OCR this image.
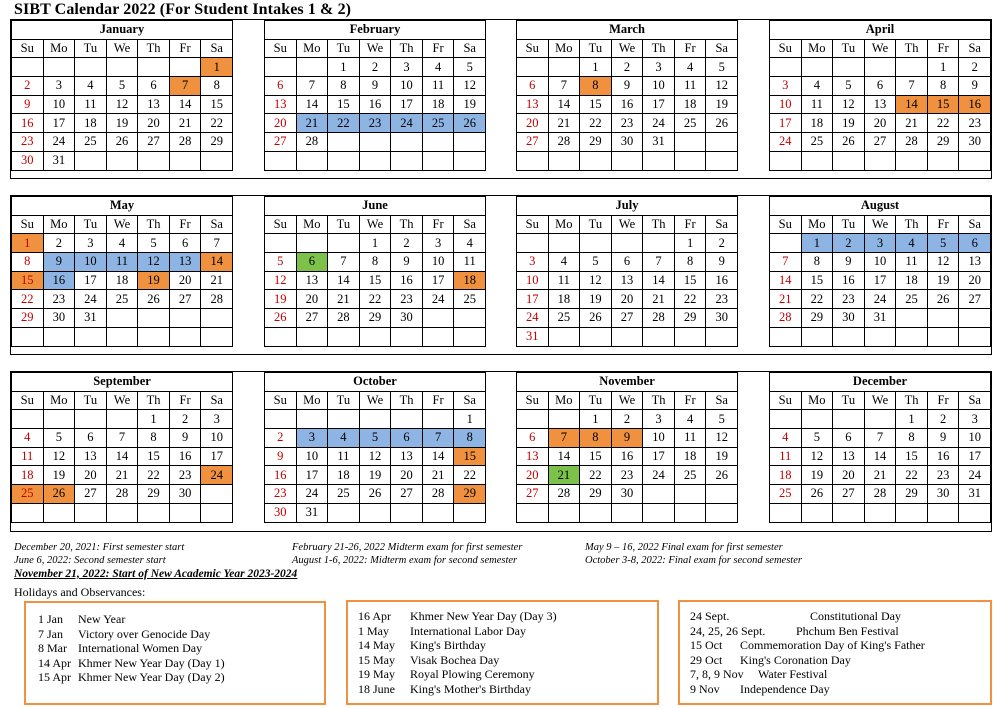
SIBT Calendar 2022 (For Student Intakes 1 & 2)
January						
Su	Mo	Tu	We	Th	Fr	Sa
						1
2	3	4	5	6	7	8
9	10	11	12	13	14	15
16	17	18	19	20	21	22
23	24	25	26	27	28	29
30	31					
February						
Su	Mo	Tu	We	Th	Fr	Sa
		1	2	3	4	5
6	7	8	9	10	11	12
13	14	15	16	17	18	19
20	21	22	23	24	25	26
27	28					

March						
Su	Mo	Tu	We	Th	Fr	Sa
		1	2	3	4	5
6	7	8	9	10	11	12
13	14	15	16	17	18	19
20	21	22	23	24	25	26
27	28	29	30	31		

April						
Su	Mo	Tu	We	Th	Fr	Sa
					1	2
3	4	5	6	7	8	9
10	11	12	13	14	15	16
17	18	19	20	21	22	23
24	25	26	27	28	29	30

May						
Su	Mo	Tu	We	Th	Fr	Sa
1	2	3	4	5	6	7
8	9	10	11	12	13	14
15	16	17	18	19	20	21
22	23	24	25	26	27	28
29	30	31				

June						
Su	Mo	Tu	We	Th	Fr	Sa
			1	2	3	4
5	6	7	8	9	10	11
12	13	14	15	16	17	18
19	20	21	22	23	24	25
26	27	28	29	30		

July						
Su	Mo	Tu	We	Th	Fr	Sa
					1	2
3	4	5	6	7	8	9
10	11	12	13	14	15	16
17	18	19	20	21	22	23
24	25	26	27	28	29	30
31						
August						
Su	Mo	Tu	We	Th	Fr	Sa
	1	2	3	4	5	6
7	8	9	10	11	12	13
14	15	16	17	18	19	20
21	22	23	24	25	26	27
28	29	30	31			

September						
Su	Mo	Tu	We	Th	Fr	Sa
				1	2	3
4	5	6	7	8	9	10
11	12	13	14	15	16	17
18	19	20	21	22	23	24
25	26	27	28	29	30	

October						
Su	Mo	Tu	We	Th	Fr	Sa
						1
2	3	4	5	6	7	8
9	10	11	12	13	14	15
16	17	18	19	20	21	22
23	24	25	26	27	28	29
30	31					
November						
Su	Mo	Tu	We	Th	Fr	Sa
		1	2	3	4	5
6	7	8	9	10	11	12
13	14	15	16	17	18	19
20	21	22	23	24	25	26
27	28	29	30			

December						
Su	Mo	Tu	We	Th	Fr	Sa
				1	2	3
4	5	6	7	8	9	10
11	12	13	14	15	16	17
18	19	20	21	22	23	24
25	26	27	28	29	30	31

December 20, 2021: First semester start
June 6, 2022: Second semester start
February 21-26, 2022 Midterm exam for first semester
August 1-6, 2022: Midterm exam for second semester
May 9 – 16, 2022 Final exam for first semester
October 3-8, 2022: Final exam for second semester
November 21, 2022: Start of New Academic Year 2023-2024
Holidays and Observances:
1 Jan New Year
7 Jan Victory over Genocide Day
8 Mar International Women Day
14 Apr Khmer New Year Day (Day 1)
15 Apr Khmer New Year Day (Day 2)
16 Apr Khmer New Year Day (Day 3)
1 May International Labor Day
14 May King's Birthday
15 May Visak Bochea Day
19 May Royal Plowing Ceremony
18 June King's Mother's Birthday
24 Sept.	Constitutional Day
24, 25, 26 Sept.	Phchum Ben Festival
15 Oct Commemoration Day of King's Father
29 Oct King's Coronation Day
7, 8, 9 Nov Water Festival
9 Nov Independence Day
